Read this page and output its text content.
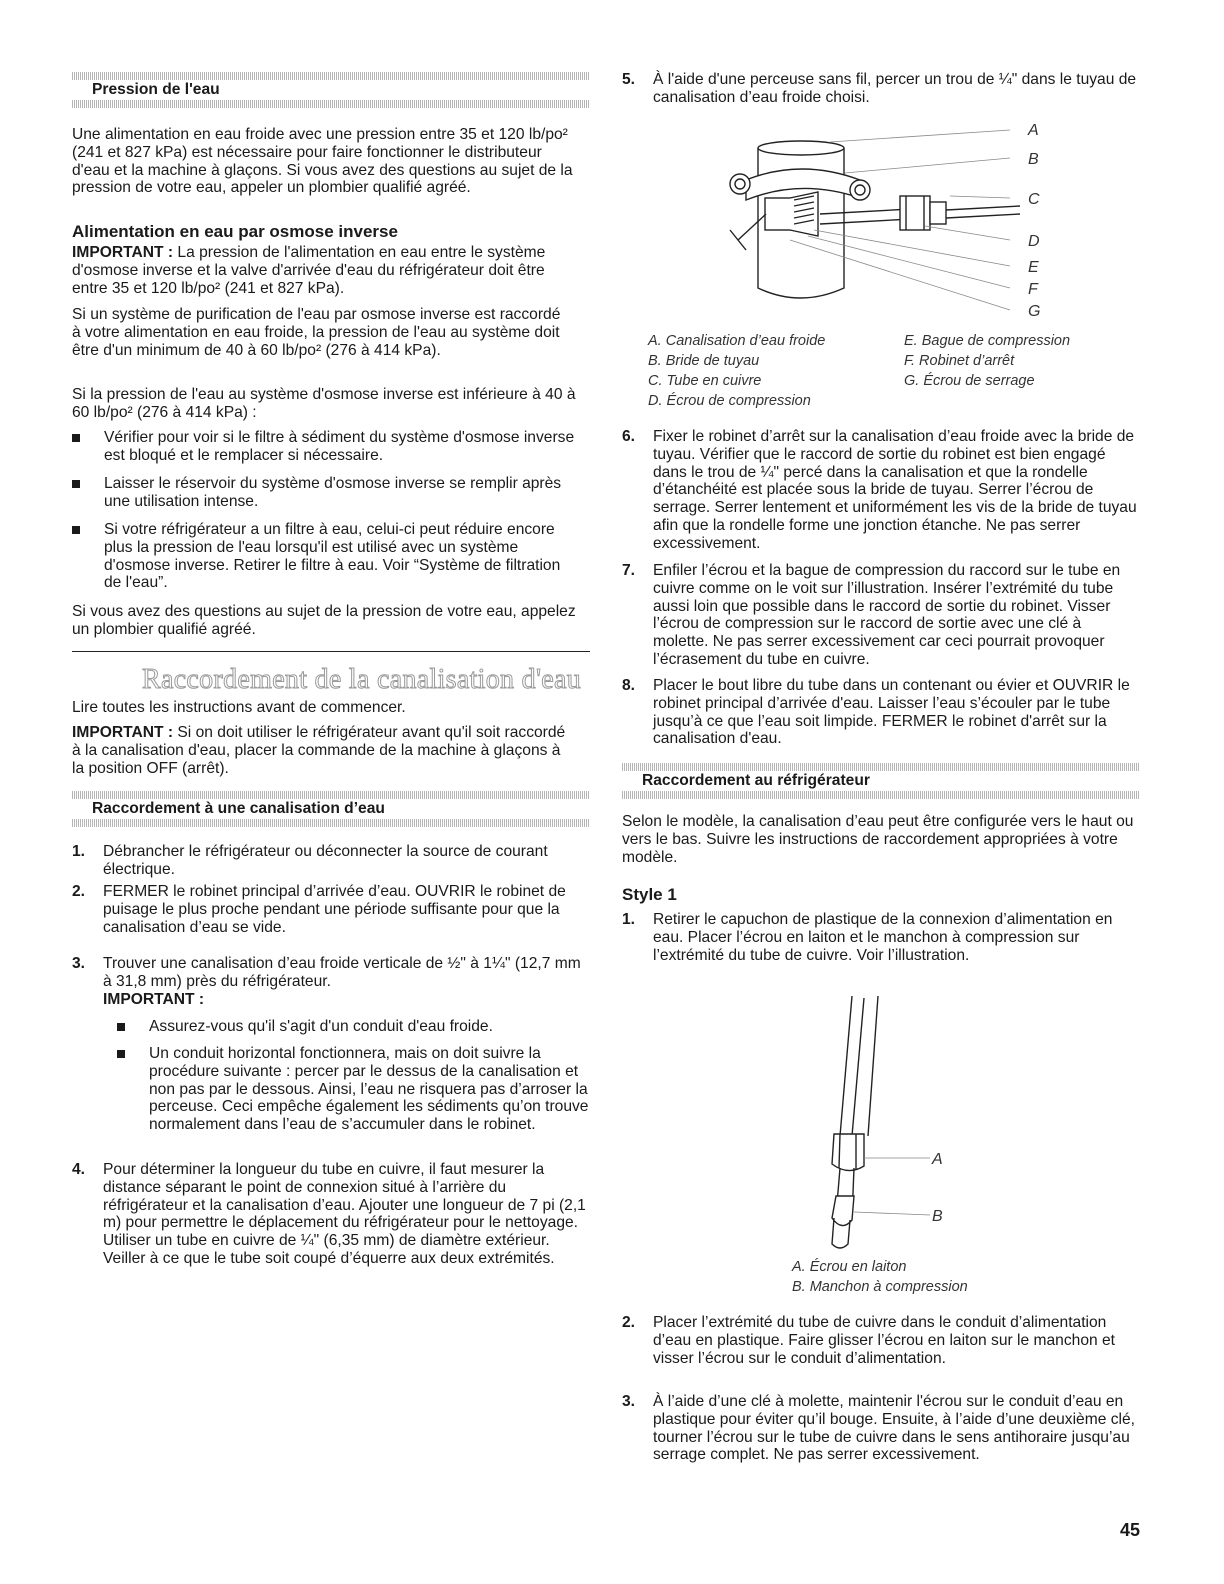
Pression de l'eau

Une alimentation en eau froide avec une pression entre 35 et 120 lb/po² (241 et 827 kPa) est nécessaire pour faire fonctionner le distributeur d'eau et la machine à glaçons. Si vous avez des questions au sujet de la pression de votre eau, appeler un plombier qualifié agréé.

Alimentation en eau par osmose inverse

IMPORTANT : La pression de l'alimentation en eau entre le système d'osmose inverse et la valve d'arrivée d'eau du réfrigérateur doit être entre 35 et 120 lb/po² (241 et 827 kPa).

Si un système de purification de l'eau par osmose inverse est raccordé à votre alimentation en eau froide, la pression de l'eau au système doit être d'un minimum de 40 à 60 lb/po² (276 à 414 kPa).

Si la pression de l'eau au système d'osmose inverse est inférieure à 40 à 60 lb/po² (276 à 414 kPa) :

Vérifier pour voir si le filtre à sédiment du système d'osmose inverse est bloqué et le remplacer si nécessaire.
Laisser le réservoir du système d'osmose inverse se remplir après une utilisation intense.
Si votre réfrigérateur a un filtre à eau, celui-ci peut réduire encore plus la pression de l'eau lorsqu'il est utilisé avec un système d'osmose inverse. Retirer le filtre à eau. Voir “Système de filtration de l'eau”.

Si vous avez des questions au sujet de la pression de votre eau, appelez un plombier qualifié agréé.

Raccordement de la canalisation d'eau

Lire toutes les instructions avant de commencer.

IMPORTANT : Si on doit utiliser le réfrigérateur avant qu'il soit raccordé à la canalisation d'eau, placer la commande de la machine à glaçons à la position OFF (arrêt).

Raccordement à une canalisation d’eau
1. Débrancher le réfrigérateur ou déconnecter la source de courant électrique.
2. FERMER le robinet principal d’arrivée d’eau. OUVRIR le robinet de puisage le plus proche pendant une période suffisante pour que la canalisation d’eau se vide.
3. Trouver une canalisation d’eau froide verticale de ½" à 1¼" (12,7 mm à 31,8 mm) près du réfrigérateur.

IMPORTANT :

Assurez-vous qu'il s'agit d'un conduit d'eau froide.
Un conduit horizontal fonctionnera, mais on doit suivre la procédure suivante : percer par le dessus de la canalisation et non pas par le dessous. Ainsi, l’eau ne risquera pas d’arroser la perceuse. Ceci empêche également les sédiments qu’on trouve normalement dans l’eau de s’accumuler dans le robinet.
4. Pour déterminer la longueur du tube en cuivre, il faut mesurer la distance séparant le point de connexion situé à l’arrière du réfrigérateur et la canalisation d’eau. Ajouter une longueur de 7 pi (2,1 m) pour permettre le déplacement du réfrigérateur pour le nettoyage. Utiliser un tube en cuivre de ¼" (6,35 mm) de diamètre extérieur. Veiller à ce que le tube soit coupé d’équerre aux deux extrémités.
5. À l'aide d'une perceuse sans fil, percer un trou de ¼" dans le tuyau de canalisation d’eau froide choisi.
A
B
C
D
E
F
G

A. Canalisation d’eau froide

B. Bride de tuyau

C. Tube en cuivre

D. Écrou de compression

E. Bague de compression

F. Robinet d’arrêt

G. Écrou de serrage

6. Fixer le robinet d’arrêt sur la canalisation d’eau froide avec la bride de tuyau. Vérifier que le raccord de sortie du robinet est bien engagé dans le trou de ¼" percé dans la canalisation et que la rondelle d’étanchéité est placée sous la bride de tuyau. Serrer l’écrou de serrage. Serrer lentement et uniformément les vis de la bride de tuyau afin que la rondelle forme une jonction étanche. Ne pas serrer excessivement.
7. Enfiler l’écrou et la bague de compression du raccord sur le tube en cuivre comme on le voit sur l’illustration. Insérer l’extrémité du tube aussi loin que possible dans le raccord de sortie du robinet. Visser l’écrou de compression sur le raccord de sortie avec une clé à molette. Ne pas serrer excessivement car ceci pourrait provoquer l’écrasement du tube en cuivre.
8. Placer le bout libre du tube dans un contenant ou évier et OUVRIR le robinet principal d’arrivée d'eau. Laisser l’eau s’écouler par le tube jusqu’à ce que l’eau soit limpide. FERMER le robinet d'arrêt sur la canalisation d'eau.
Raccordement au réfrigérateur

Selon le modèle, la canalisation d’eau peut être configurée vers le haut ou vers le bas. Suivre les instructions de raccordement appropriées à votre modèle.

Style 1

1. Retirer le capuchon de plastique de la connexion d’alimentation en eau. Placer l’écrou en laiton et le manchon à compression sur l’extrémité du tube de cuivre. Voir l’illustration.
A
B

A. Écrou en laiton

B. Manchon à compression

2. Placer l’extrémité du tube de cuivre dans le conduit d’alimentation d’eau en plastique. Faire glisser l’écrou en laiton sur le manchon et visser l’écrou sur le conduit d’alimentation.
3. À l’aide d’une clé à molette, maintenir l'écrou sur le conduit d’eau en plastique pour éviter qu’il bouge. Ensuite, à l’aide d’une deuxième clé, tourner l’écrou sur le tube de cuivre dans le sens antihoraire jusqu’au serrage complet. Ne pas serrer excessivement.
45
